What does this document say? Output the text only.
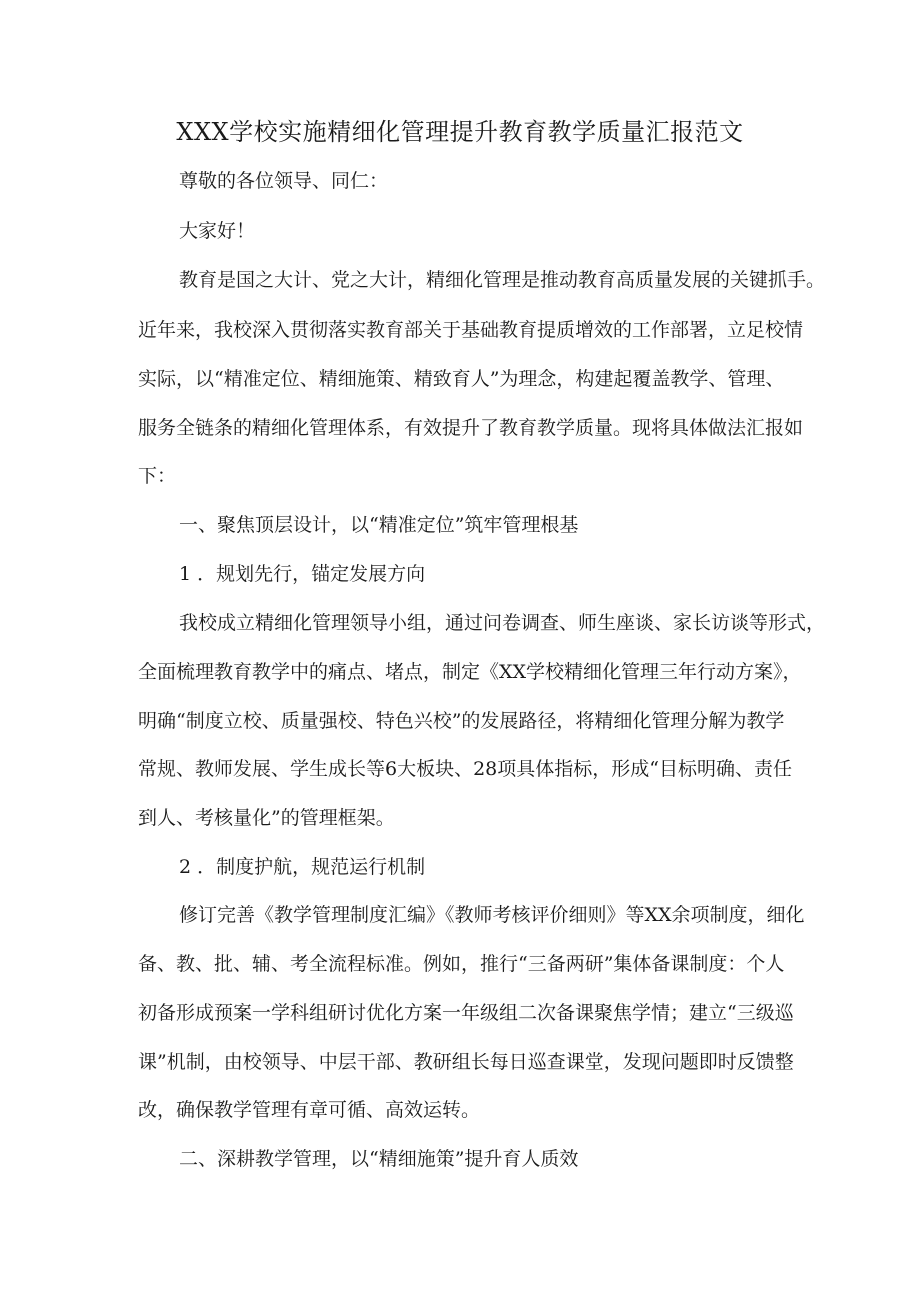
XXX学校实施精细化管理提升教育教学质量汇报范文
尊敬的各位领导、同仁：
大家好！
教育是国之大计、党之大计，精细化管理是推动教育高质量发展的关键抓手。
近年来，我校深入贯彻落实教育部关于基础教育提质增效的工作部署，立足校情
实际，以“精准定位、精细施策、精致育人”为理念，构建起覆盖教学、管理、
服务全链条的精细化管理体系，有效提升了教育教学质量。现将具体做法汇报如
下：
一、聚焦顶层设计，以“精准定位”筑牢管理根基
1 ．规划先行，锚定发展方向
我校成立精细化管理领导小组，通过问卷调查、师生座谈、家长访谈等形式，
全面梳理教育教学中的痛点、堵点，制定《XX学校精细化管理三年行动方案》，
明确“制度立校、质量强校、特色兴校”的发展路径，将精细化管理分解为教学
常规、教师发展、学生成长等6大板块、28项具体指标，形成“目标明确、责任
到人、考核量化”的管理框架。
2 ．制度护航，规范运行机制
修订完善《教学管理制度汇编》《教师考核评价细则》等XX余项制度，细化
备、教、批、辅、考全流程标准。例如，推行“三备两研”集体备课制度：个人
初备形成预案一学科组研讨优化方案一年级组二次备课聚焦学情；建立“三级巡
课”机制，由校领导、中层干部、教研组长每日巡查课堂，发现问题即时反馈整
改，确保教学管理有章可循、高效运转。
二、深耕教学管理，以“精细施策”提升育人质效
